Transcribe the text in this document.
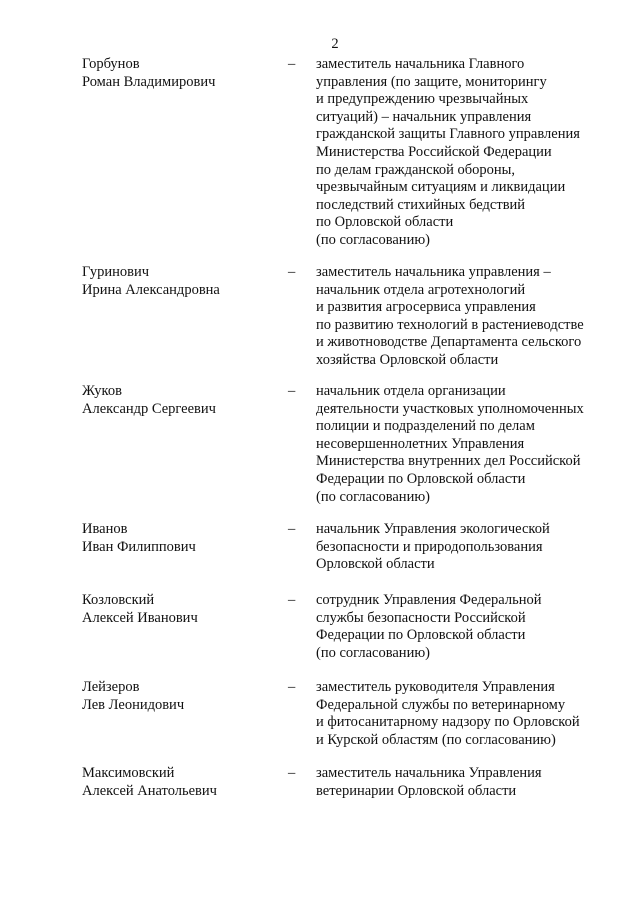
2
Горбунов
Роман Владимирович
– заместитель начальника Главного
управления (по защите, мониторингу
и предупреждению чрезвычайных
ситуаций) – начальник управления
гражданской защиты Главного управления
Министерства Российской Федерации
по делам гражданской обороны,
чрезвычайным ситуациям и ликвидации
последствий стихийных бедствий
по Орловской области
(по согласованию)
Гуринович
Ирина Александровна
– заместитель начальника управления –
начальник отдела агротехнологий
и развития агросервиса управления
по развитию технологий в растениеводстве
и животноводстве Департамента сельского
хозяйства Орловской области
Жуков
Александр Сергеевич
– начальник отдела организации
деятельности участковых уполномоченных
полиции и подразделений по делам
несовершеннолетних Управления
Министерства внутренних дел Российской
Федерации по Орловской области
(по согласованию)
Иванов
Иван Филиппович
– начальник Управления экологической
безопасности и природопользования
Орловской области
Козловский
Алексей Иванович
– сотрудник Управления Федеральной
службы безопасности Российской
Федерации по Орловской области
(по согласованию)
Лейзеров
Лев Леонидович
– заместитель руководителя Управления
Федеральной службы по ветеринарному
и фитосанитарному надзору по Орловской
и Курской областям (по согласованию)
Максимовский
Алексей Анатольевич
– заместитель начальника Управления
ветеринарии Орловской области
